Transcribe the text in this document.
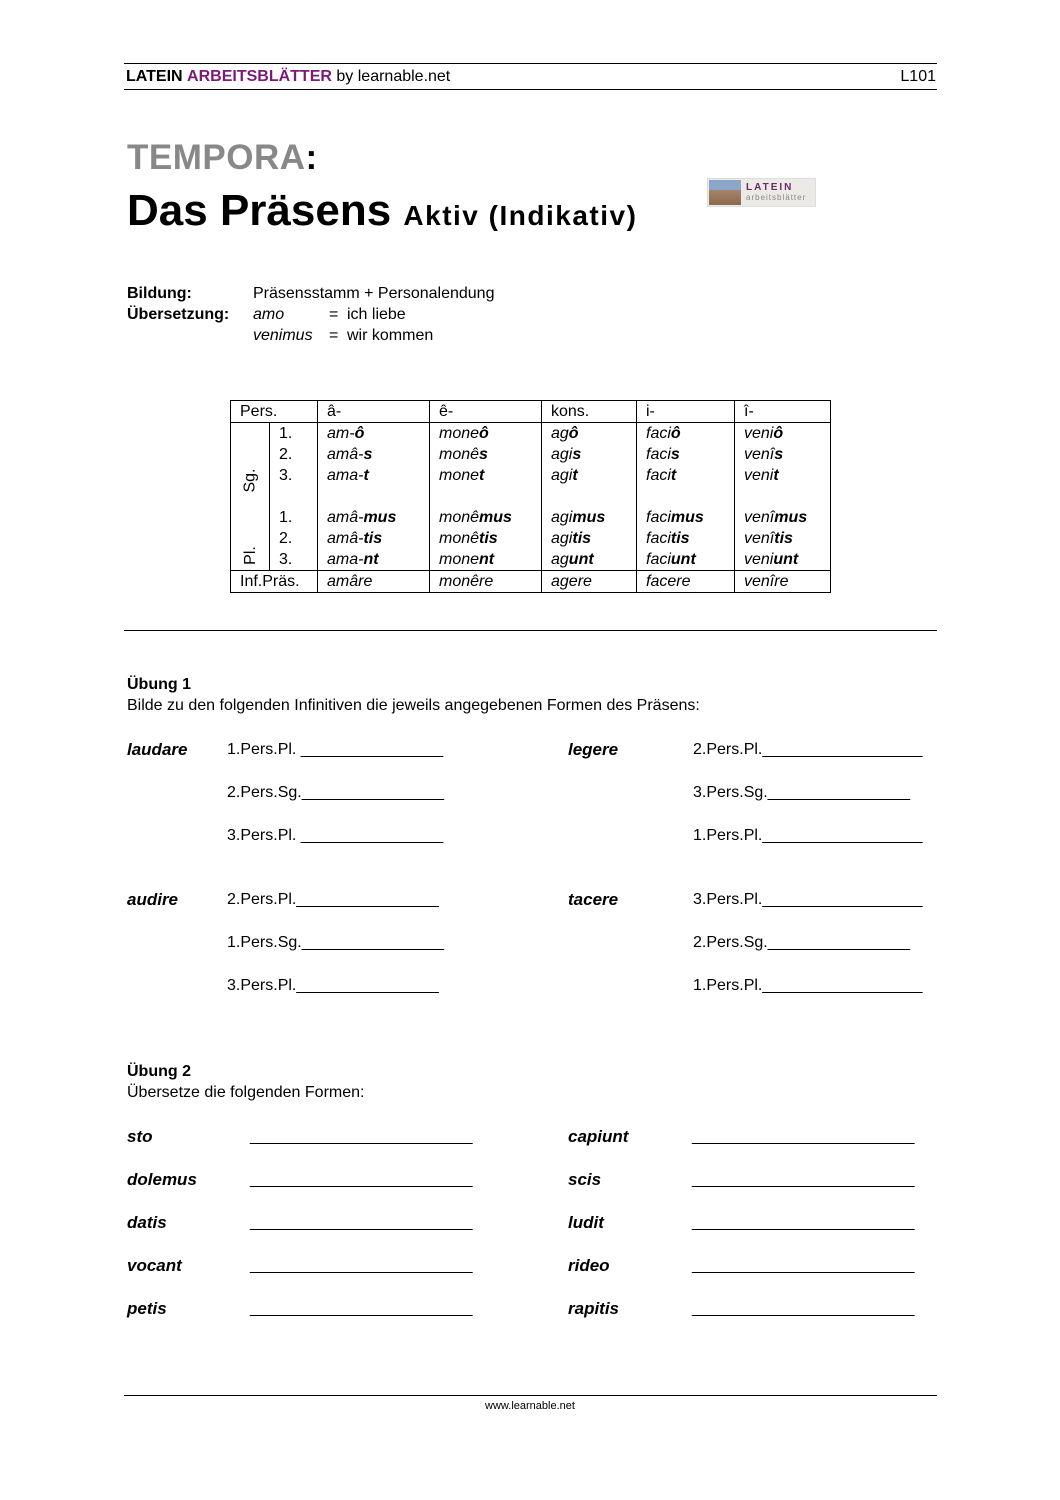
LATEIN ARBEITSBLÄTTER by learnable.net	L101
TEMPORA:
Das Präsens Aktiv (Indikativ)
LATEIN
arbeitsblätter
Bildung:	Präsensstamm + Personalendung
Übersetzung: amo	= ich liebe
venimus = wir kommen
Pers.		â-	ê-	kons.	i-	î-
Sg.	1.	am-ô	moneô	agô	faciô	veniô
	2.	amâ-s	monês	agis	facis	venîs
	3.	ama-t	monet	agit	facit	venit

Pl.	1.	amâ-mus	monêmus	agimus	facimus	venîmus
	2.	amâ-tis	monêtis	agitis	facitis	venîtis
	3.	ama-nt	monent	agunt	faciunt	veniunt
Inf.Präs.		amâre	monêre	agere	facere	venîre
Übung 1
Bilde zu den folgenden Infinitiven die jeweils angegebenen Formen des Präsens:
laudare 1.Pers.Pl. ________________
2.Pers.Sg.________________
3.Pers.Pl. ________________
legere	2.Pers.Pl.__________________
3.Pers.Sg.________________
1.Pers.Pl.__________________
audire	2.Pers.Pl.________________
1.Pers.Sg.________________
3.Pers.Pl.________________
tacere	3.Pers.Pl.__________________
2.Pers.Sg.________________
1.Pers.Pl.__________________
Übung 2
Übersetze die folgenden Formen:
sto	_________________________	capiunt	_________________________
dolemus	_________________________	scis	_________________________
datis	_________________________	ludit	_________________________
vocant	_________________________	rideo	_________________________
petis	_________________________	rapitis	_________________________
www.learnable.net
